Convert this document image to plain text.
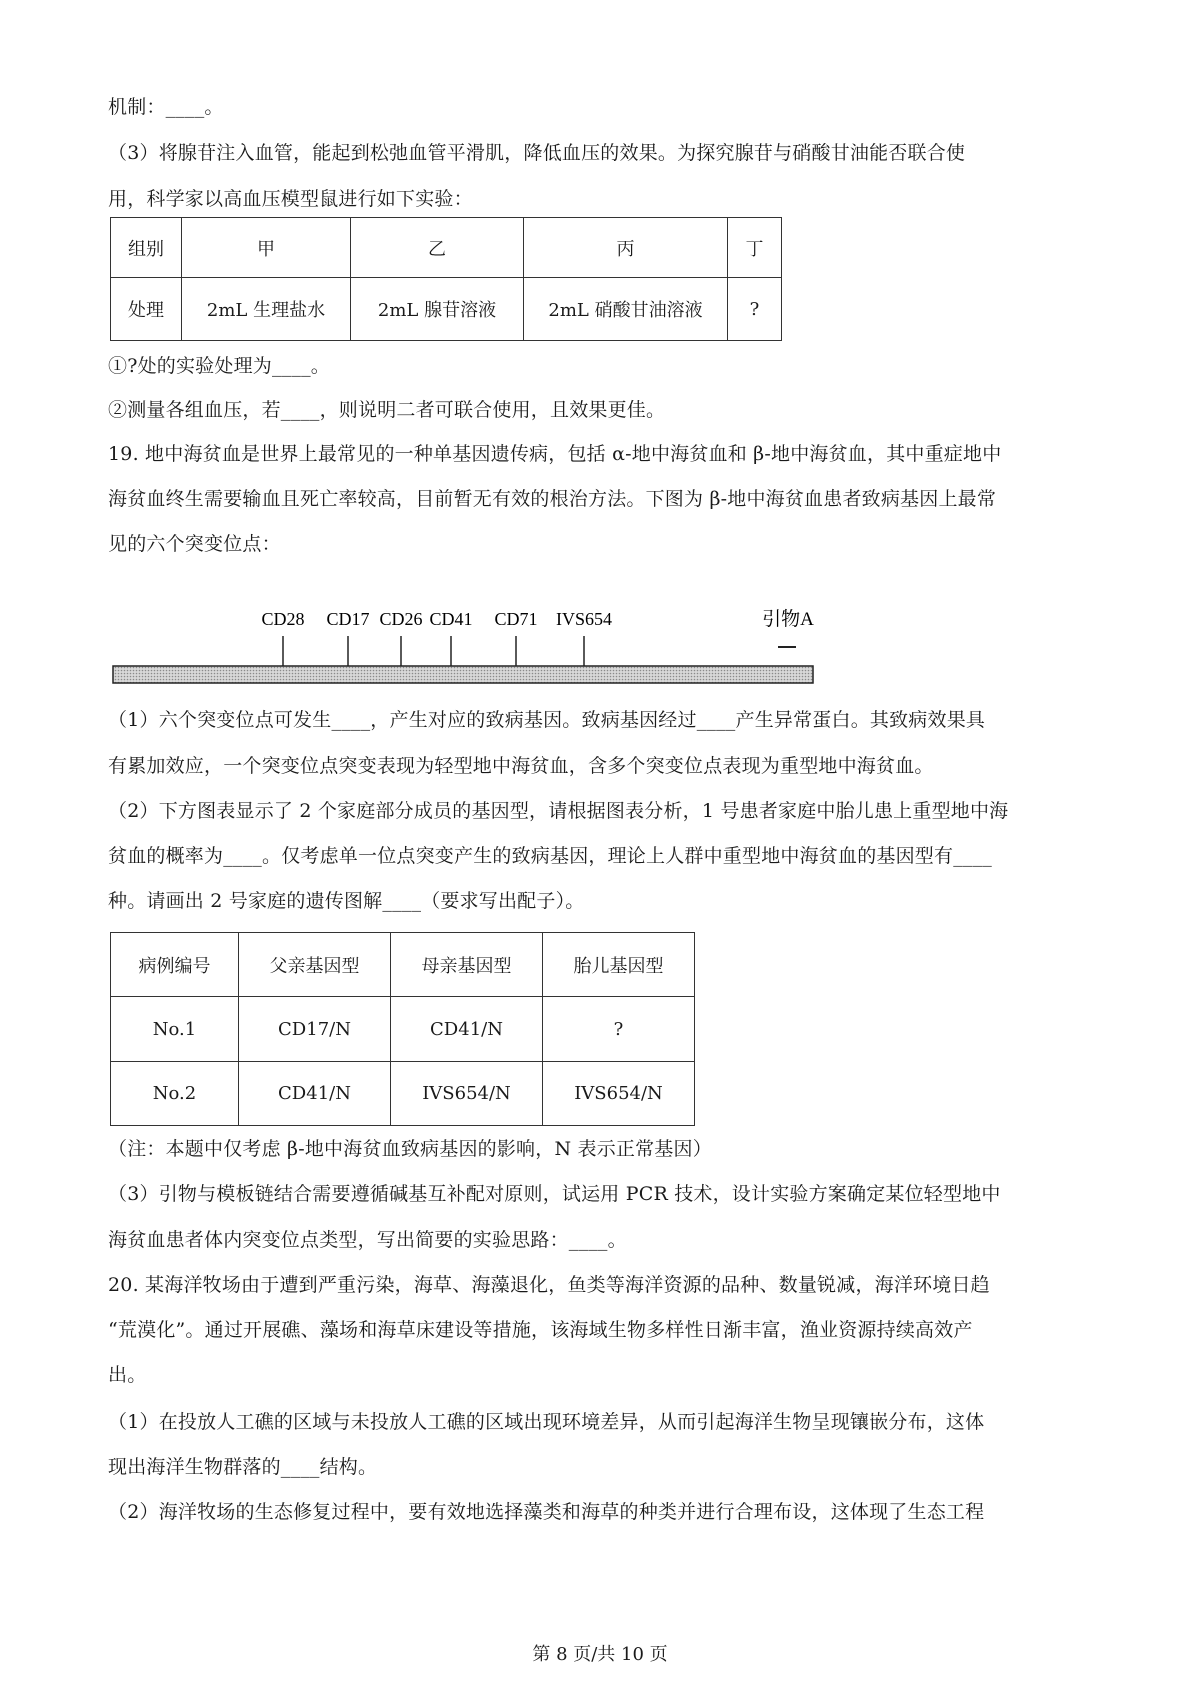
机制：____。
（3）将腺苷注入血管，能起到松弛血管平滑肌，降低血压的效果。为探究腺苷与硝酸甘油能否联合使
用，科学家以高血压模型鼠进行如下实验：
组别	甲	乙	丙	丁
处理	2mL 生理盐水	2mL 腺苷溶液	2mL 硝酸甘油溶液	?
①?处的实验处理为____。
②测量各组血压，若____，则说明二者可联合使用，且效果更佳。
19. 地中海贫血是世界上最常见的一种单基因遗传病，包括 α-地中海贫血和 β-地中海贫血，其中重症地中
海贫血终生需要输血且死亡率较高，目前暂无有效的根治方法。下图为 β-地中海贫血患者致病基因上最常
见的六个突变位点：
CD28 CD17 CD26 CD41 CD71 IVS654	引物A
（1）六个突变位点可发生____，产生对应的致病基因。致病基因经过____产生异常蛋白。其致病效果具
有累加效应，一个突变位点突变表现为轻型地中海贫血，含多个突变位点表现为重型地中海贫血。
（2）下方图表显示了 2 个家庭部分成员的基因型，请根据图表分析，1 号患者家庭中胎儿患上重型地中海
贫血的概率为____。仅考虑单一位点突变产生的致病基因，理论上人群中重型地中海贫血的基因型有____
种。请画出 2 号家庭的遗传图解____（要求写出配子）。
病例编号	父亲基因型	母亲基因型	胎儿基因型
No.1	CD17/N	CD41/N	?
No.2	CD41/N	IVS654/N	IVS654/N
（注：本题中仅考虑 β-地中海贫血致病基因的影响，N 表示正常基因）
（3）引物与模板链结合需要遵循碱基互补配对原则，试运用 PCR 技术，设计实验方案确定某位轻型地中
海贫血患者体内突变位点类型，写出简要的实验思路：____。
20. 某海洋牧场由于遭到严重污染，海草、海藻退化，鱼类等海洋资源的品种、数量锐减，海洋环境日趋
“荒漠化”。通过开展礁、藻场和海草床建设等措施，该海域生物多样性日渐丰富，渔业资源持续高效产
出。
（1）在投放人工礁的区域与未投放人工礁的区域出现环境差异，从而引起海洋生物呈现镶嵌分布，这体
现出海洋生物群落的____结构。
（2）海洋牧场的生态修复过程中，要有效地选择藻类和海草的种类并进行合理布设，这体现了生态工程
第 8 页/共 10 页
